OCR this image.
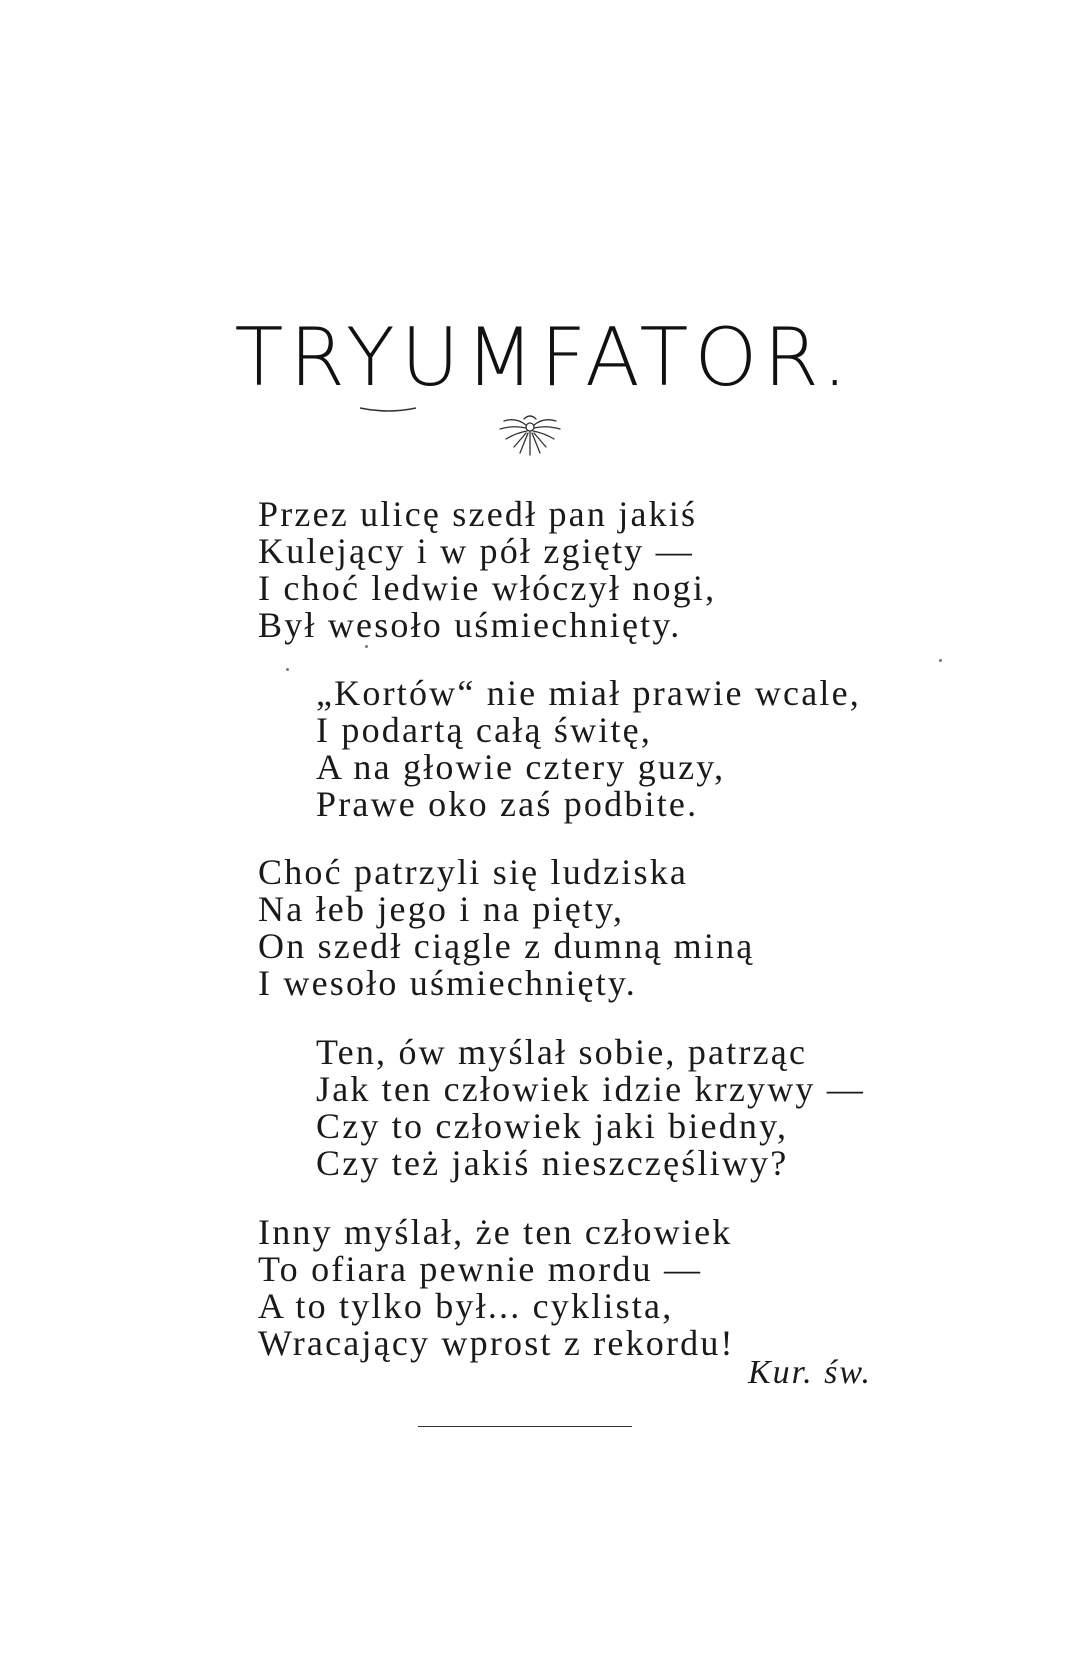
TRYUMFATOR.
Przez ulicę szedł pan jakiś
Kulejący i w pół zgięty —
I choć ledwie włóczył nogi,
Był wesoło uśmiechnięty.
„Kortów“ nie miał prawie wcale,
I podartą całą świtę,
A na głowie cztery guzy,
Prawe oko zaś podbite.
Choć patrzyli się ludziska
Na łeb jego i na pięty,
On szedł ciągle z dumną miną
I wesoło uśmiechnięty.
Ten, ów myślał sobie, patrząc
Jak ten człowiek idzie krzywy —
Czy to człowiek jaki biedny,
Czy też jakiś nieszczęśliwy?
Inny myślał, że ten człowiek
To ofiara pewnie mordu —
A to tylko był... cyklista,
Wracający wprost z rekordu!
Kur. św.
